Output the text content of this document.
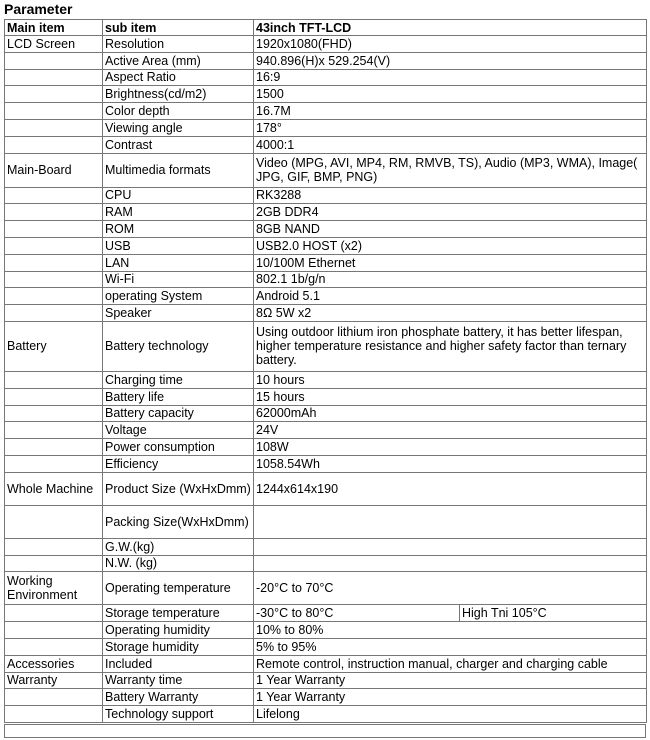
Parameter
Main item	sub item	43inch TFT-LCD	
LCD Screen	Resolution	1920x1080(FHD)	
	Active Area (mm)	940.896(H)x 529.254(V)	
	Aspect Ratio	16:9	
	Brightness(cd/m2)	1500	
	Color depth	16.7M	
	Viewing angle	178°	
	Contrast	4000:1	
Main-Board	Multimedia formats	Video (MPG, AVI, MP4, RM, RMVB, TS), Audio (MP3, WMA), Image( JPG, GIF, BMP, PNG)	
	CPU	RK3288	
	RAM	2GB DDR4	
	ROM	8GB NAND	
	USB	USB2.0 HOST (x2)	
	LAN	10/100M Ethernet	
	Wi-Fi	802.1 1b/g/n	
	operating System	Android 5.1	
	Speaker	8Ω 5W x2	
Battery	Battery technology	Using outdoor lithium iron phosphate battery, it has better lifespan, higher temperature resistance and higher safety factor than ternary battery.	
	Charging time	10 hours	
	Battery life	15 hours	
	Battery capacity	62000mAh	
	Voltage	24V	
	Power consumption	108W	
	Efficiency	1058.54Wh	
Whole Machine	Product Size (WxHxDmm)	1244x614x190	
	Packing Size(WxHxDmm)		
	G.W.(kg)		
	N.W. (kg)		
Working Environment	Operating temperature	-20°C to 70°C	
	Storage temperature	-30°C to 80°C	High Tni 105°C
	Operating humidity	10% to 80%	
	Storage humidity	5% to 95%	
Accessories	Included	Remote control, instruction manual, charger and charging cable	
Warranty	Warranty time	1 Year Warranty	
	Battery Warranty	1 Year Warranty	
	Technology support	Lifelong	
